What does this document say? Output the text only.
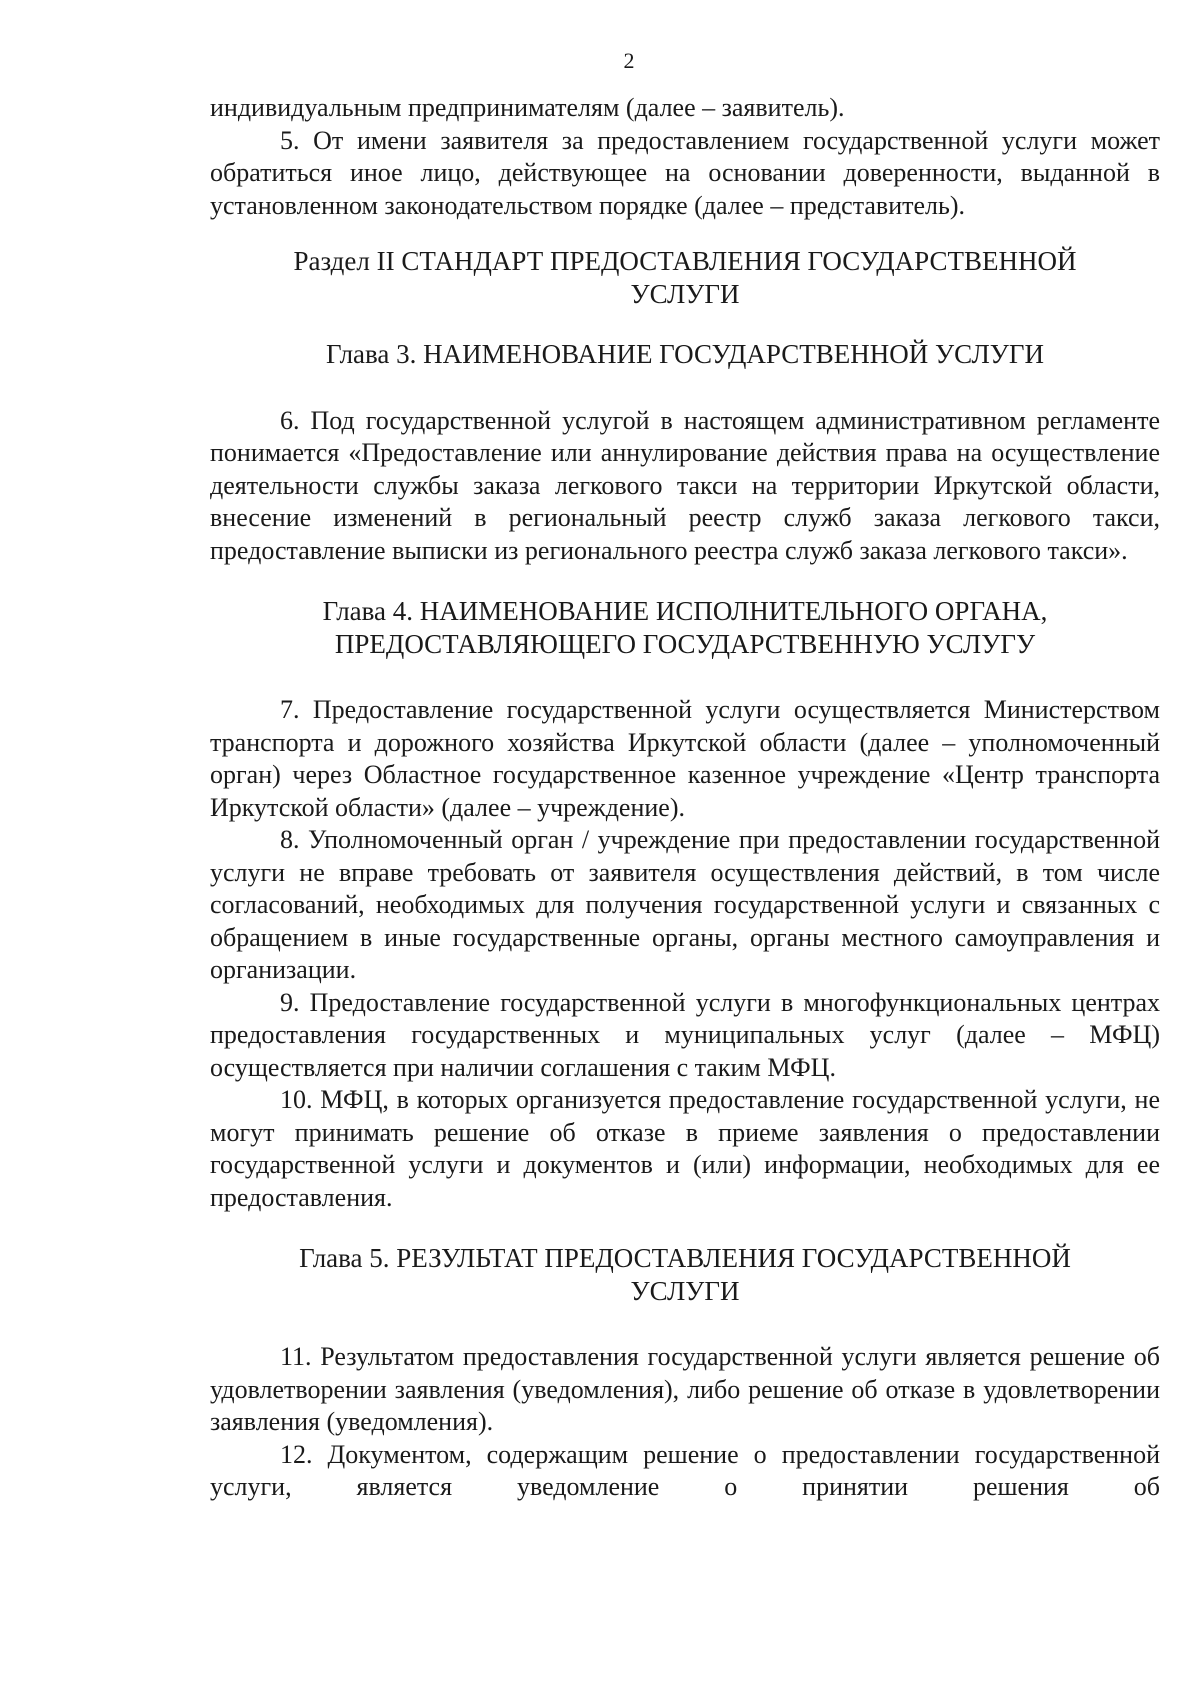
2

индивидуальным предпринимателям (далее – заявитель).

5. От имени заявителя за предоставлением государственной услуги может обратиться иное лицо, действующее на основании доверенности, выданной в установленном законодательством порядке (далее – представитель).

Раздел II СТАНДАРТ ПРЕДОСТАВЛЕНИЯ ГОСУДАРСТВЕННОЙ
УСЛУГИ
Глава 3. НАИМЕНОВАНИЕ ГОСУДАРСТВЕННОЙ УСЛУГИ

6. Под государственной услугой в настоящем административном регламенте понимается «Предоставление или аннулирование действия права на осуществление деятельности службы заказа легкового такси на территории Иркутской области, внесение изменений в региональный реестр служб заказа легкового такси, предоставление выписки из регионального реестра служб заказа легкового такси».

Глава 4. НАИМЕНОВАНИЕ ИСПОЛНИТЕЛЬНОГО ОРГАНА,
ПРЕДОСТАВЛЯЮЩЕГО ГОСУДАРСТВЕННУЮ УСЛУГУ

7. Предоставление государственной услуги осуществляется Министерством транспорта и дорожного хозяйства Иркутской области (далее – уполномоченный орган) через Областное государственное казенное учреждение «Центр транспорта Иркутской области» (далее – учреждение).

8. Уполномоченный орган / учреждение при предоставлении государственной услуги не вправе требовать от заявителя осуществления действий, в том числе согласований, необходимых для получения государственной услуги и связанных с обращением в иные государственные органы, органы местного самоуправления и организации.

9. Предоставление государственной услуги в многофункциональных центрах предоставления государственных и муниципальных услуг (далее – МФЦ) осуществляется при наличии соглашения с таким МФЦ.

10. МФЦ, в которых организуется предоставление государственной услуги, не могут принимать решение об отказе в приеме заявления о предоставлении государственной услуги и документов и (или) информации, необходимых для ее предоставления.

Глава 5. РЕЗУЛЬТАТ ПРЕДОСТАВЛЕНИЯ ГОСУДАРСТВЕННОЙ
УСЛУГИ

11. Результатом предоставления государственной услуги является решение об удовлетворении заявления (уведомления), либо решение об отказе в удовлетворении заявления (уведомления).

12. Документом, содержащим решение о предоставлении государственной услуги, является уведомление о принятии решения об
